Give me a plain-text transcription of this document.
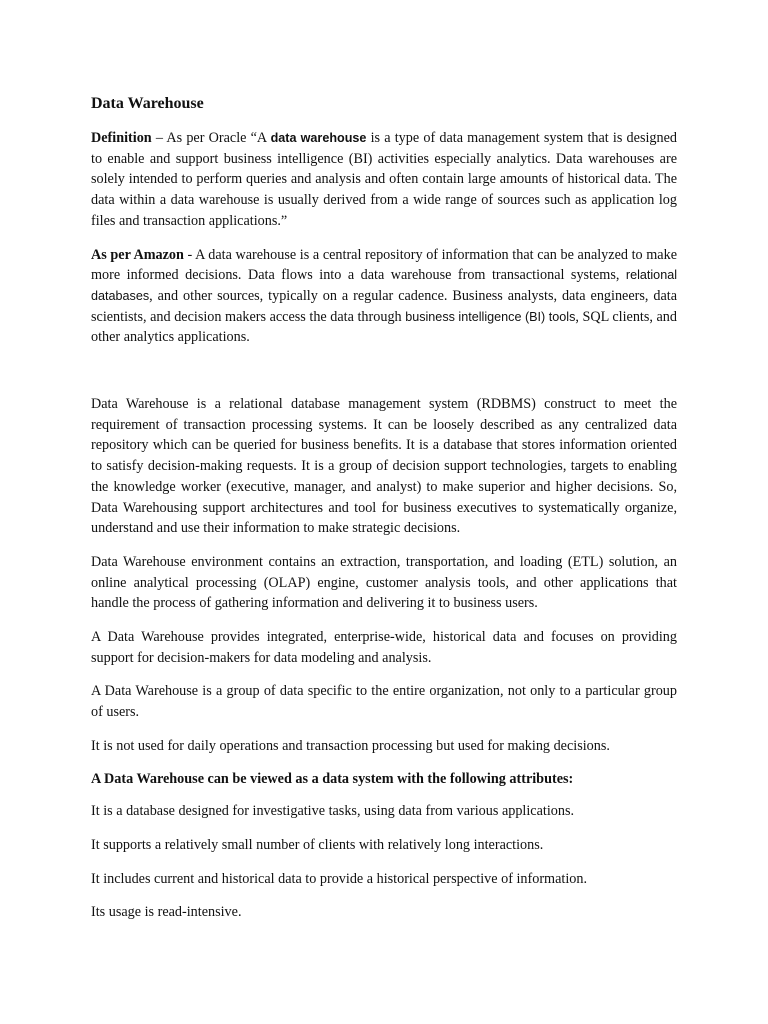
Data Warehouse

Definition – As per Oracle “A data warehouse is a type of data management system that is designed to enable and support business intelligence (BI) activities especially analytics. Data warehouses are solely intended to perform queries and analysis and often contain large amounts of historical data. The data within a data warehouse is usually derived from a wide range of sources such as application log files and transaction applications.”

As per Amazon - A data warehouse is a central repository of information that can be analyzed to make more informed decisions. Data flows into a data warehouse from transactional systems, relational databases, and other sources, typically on a regular cadence. Business analysts, data engineers, data scientists, and decision makers access the data through business intelligence (BI) tools, SQL clients, and other analytics applications.

Data Warehouse is a relational database management system (RDBMS) construct to meet the requirement of transaction processing systems. It can be loosely described as any centralized data repository which can be queried for business benefits. It is a database that stores information oriented to satisfy decision-making requests. It is a group of decision support technologies, targets to enabling the knowledge worker (executive, manager, and analyst) to make superior and higher decisions. So, Data Warehousing support architectures and tool for business executives to systematically organize, understand and use their information to make strategic decisions.

Data Warehouse environment contains an extraction, transportation, and loading (ETL) solution, an online analytical processing (OLAP) engine, customer analysis tools, and other applications that handle the process of gathering information and delivering it to business users.

A Data Warehouse provides integrated, enterprise-wide, historical data and focuses on providing support for decision-makers for data modeling and analysis.

A Data Warehouse is a group of data specific to the entire organization, not only to a particular group of users.

It is not used for daily operations and transaction processing but used for making decisions.

A Data Warehouse can be viewed as a data system with the following attributes:

It is a database designed for investigative tasks, using data from various applications.

It supports a relatively small number of clients with relatively long interactions.

It includes current and historical data to provide a historical perspective of information.

Its usage is read-intensive.
